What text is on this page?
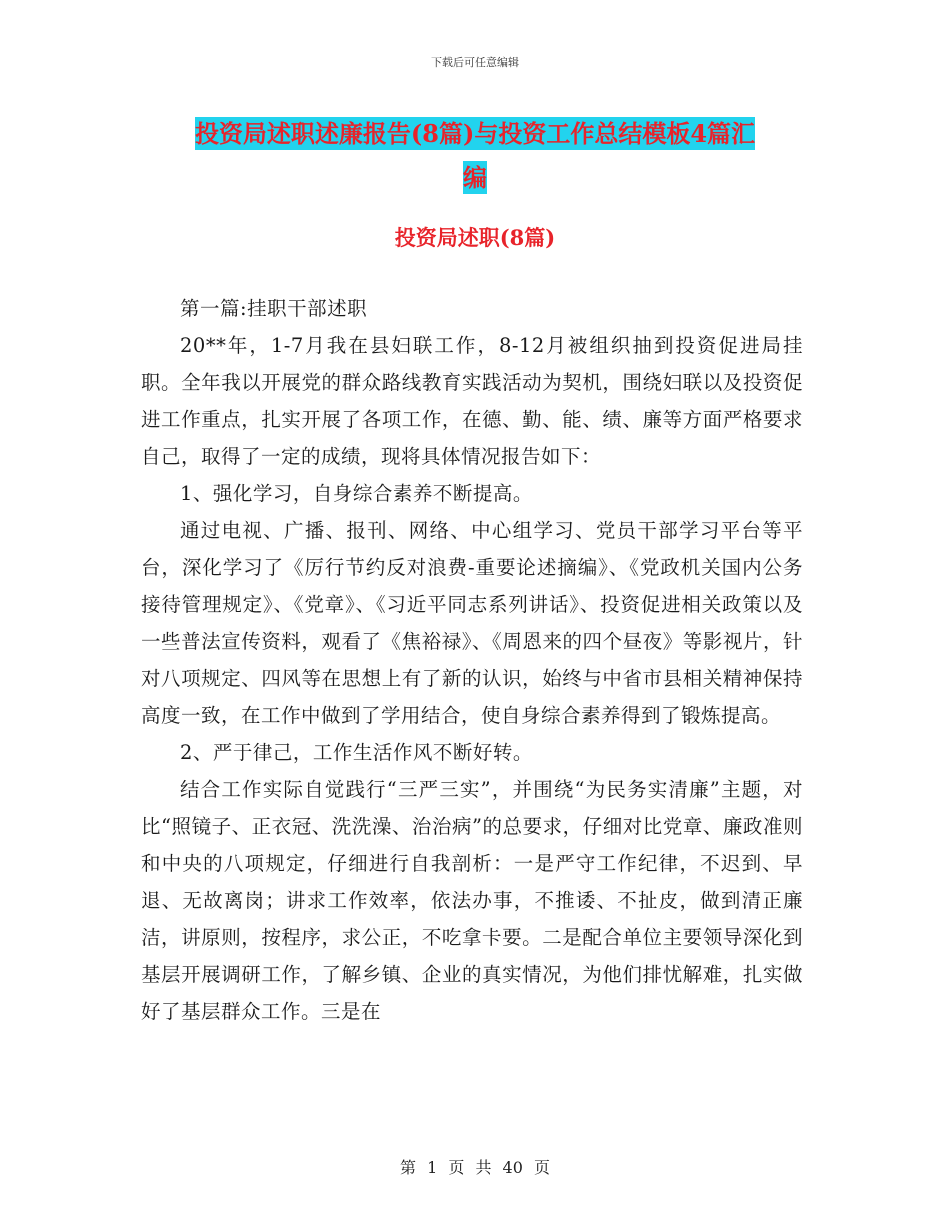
下载后可任意编辑
投资局述职述廉报告(8篇)与投资工作总结模板4篇汇
编
投资局述职(8篇)

第一篇:挂职干部述职

20**年，1-7月我在县妇联工作，8-12月被组织抽到投资促进局挂职。全年我以开展党的群众路线教育实践活动为契机，围绕妇联以及投资促进工作重点，扎实开展了各项工作，在德、勤、能、绩、廉等方面严格要求自己，取得了一定的成绩，现将具体情况报告如下：

1、强化学习，自身综合素养不断提高。

通过电视、广播、报刊、网络、中心组学习、党员干部学习平台等平台，深化学习了《厉行节约反对浪费-重要论述摘编》、《党政机关国内公务接待管理规定》、《党章》、《习近平同志系列讲话》、投资促进相关政策以及一些普法宣传资料，观看了《焦裕禄》、《周恩来的四个昼夜》等影视片，针对八项规定、四风等在思想上有了新的认识，始终与中省市县相关精神保持高度一致，在工作中做到了学用结合，使自身综合素养得到了锻炼提高。

2、严于律己，工作生活作风不断好转。

结合工作实际自觉践行“三严三实”，并围绕“为民务实清廉”主题，对比“照镜子、正衣冠、洗洗澡、治治病”的总要求，仔细对比党章、廉政准则和中央的八项规定，仔细进行自我剖析：一是严守工作纪律，不迟到、早退、无故离岗；讲求工作效率，依法办事，不推诿、不扯皮，做到清正廉洁，讲原则，按程序，求公正，不吃拿卡要。二是配合单位主要领导深化到基层开展调研工作，了解乡镇、企业的真实情况，为他们排忧解难，扎实做好了基层群众工作。三是在

第 1 页 共 40 页
